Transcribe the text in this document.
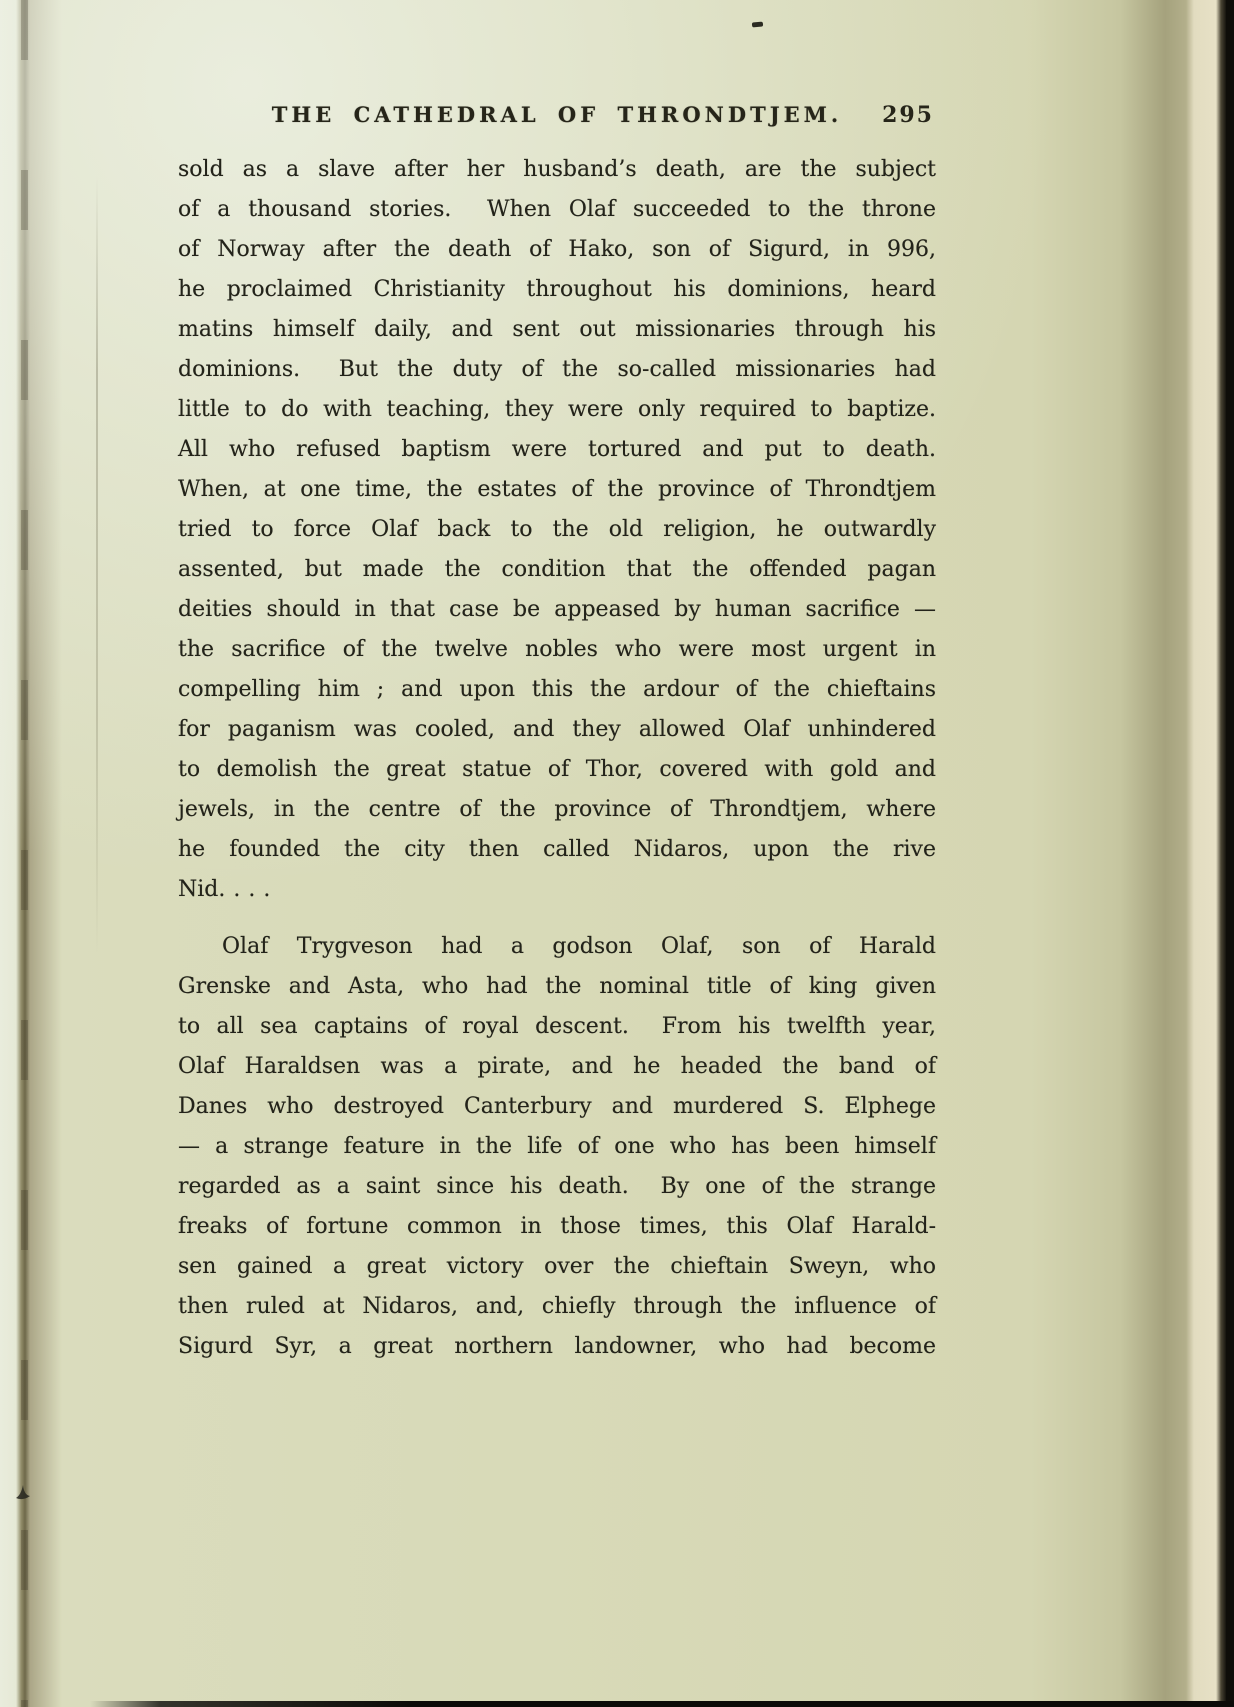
THE CATHEDRAL OF THRONDTJEM.	295
sold as a slave after her husband’s death, are the subject
of a thousand stories.  When Olaf succeeded to the throne
of Norway after the death of Hako, son of Sigurd, in 996,
he proclaimed Christianity throughout his dominions, heard
matins himself daily, and sent out missionaries through his
dominions.  But the duty of the so-called missionaries had
little to do with teaching, they were only required to baptize.
All who refused baptism were tortured and put to death.
When, at one time, the estates of the province of Throndtjem
tried to force Olaf back to the old religion, he outwardly
assented, but made the condition that the offended pagan
deities should in that case be appeased by human sacrifice —
the sacrifice of the twelve nobles who were most urgent in
compelling him ; and upon this the ardour of the chieftains
for paganism was cooled, and they allowed Olaf unhindered
to demolish the great statue of Thor, covered with gold and
jewels, in the centre of the province of Throndtjem, where
he founded the city then called Nidaros, upon the rive
Nid. . . .
Olaf Trygveson had a godson Olaf, son of Harald
Grenske and Asta, who had the nominal title of king given
to all sea captains of royal descent.  From his twelfth year,
Olaf Haraldsen was a pirate, and he headed the band of
Danes who destroyed Canterbury and murdered S. Elphege
— a strange feature in the life of one who has been himself
regarded as a saint since his death.  By one of the strange
freaks of fortune common in those times, this Olaf Harald-
sen gained a great victory over the chieftain Sweyn, who
then ruled at Nidaros, and, chiefly through the influence of
Sigurd Syr, a great northern landowner, who had become
